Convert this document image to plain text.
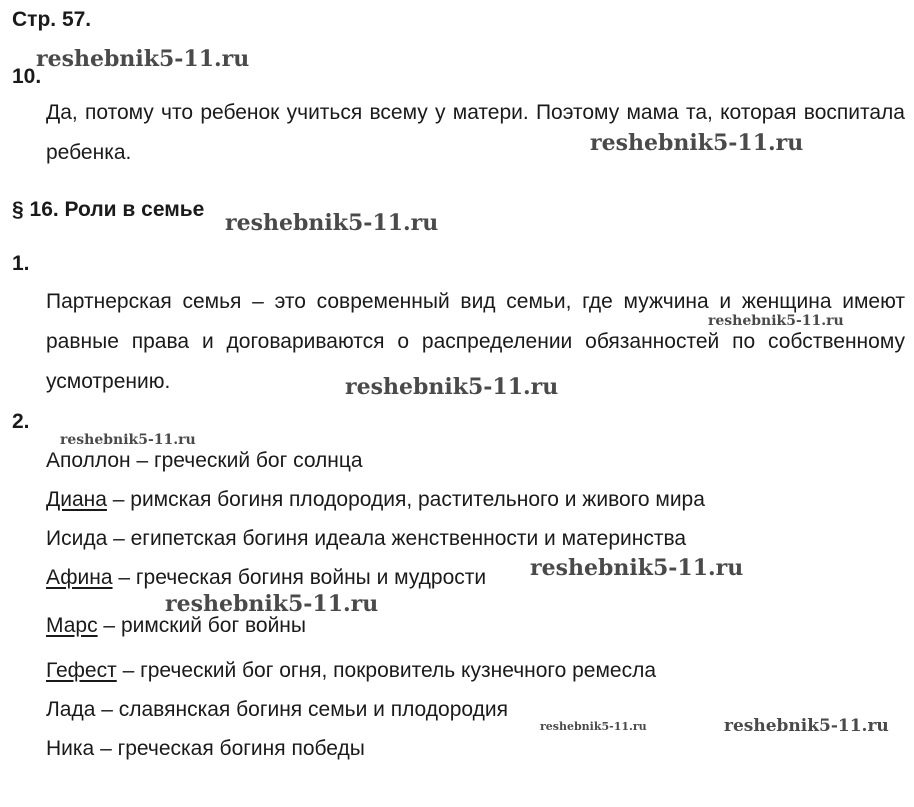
Стр. 57.
10.
Да, потому что ребенок учиться всему у матери. Поэтому мама та, которая воспитала ребенка.
§ 16. Роли в семье
1.
Партнерская семья – это современный вид семьи, где мужчина и женщина имеют равные права и договариваются о распределении обязанностей по собственному усмотрению.
2.
Аполлон – греческий бог солнца
Диана – римская богиня плодородия, растительного и живого мира
Исида – египетская богиня идеала женственности и материнства
Афина – греческая богиня войны и мудрости
Марс – римский бог войны
Гефест – греческий бог огня, покровитель кузнечного ремесла
Лада – славянская богиня семьи и плодородия
Ника – греческая богиня победы
reshebnik5-11.ru
reshebnik5-11.ru
reshebnik5-11.ru
reshebnik5-11.ru
reshebnik5-11.ru
reshebnik5-11.ru
reshebnik5-11.ru
reshebnik5-11.ru
reshebnik5-11.ru	reshebnik5-11.ru
